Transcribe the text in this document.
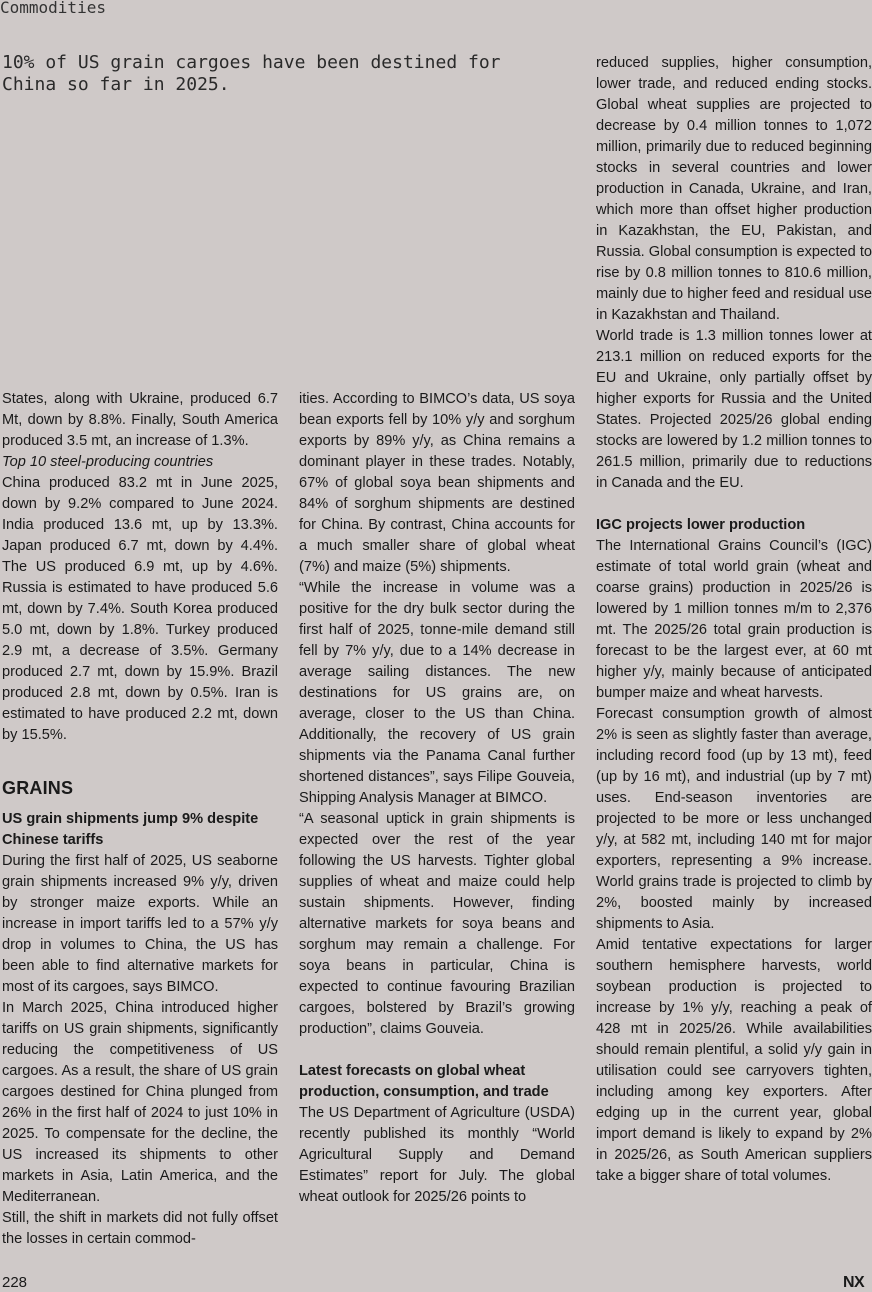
Commodities

10% of US grain cargoes have been destined for China so far in 2025.

States, along with Ukraine, produced 6.7 Mt, down by 8.8%. Finally, South America produced 3.5 mt, an increase of 1.3%.

Top 10 steel-producing countries

China produced 83.2 mt in June 2025, down by 9.2% compared to June 2024. India produced 13.6 mt, up by 13.3%. Japan produced 6.7 mt, down by 4.4%. The US produced 6.9 mt, up by 4.6%. Russia is estimated to have produced 5.6 mt, down by 7.4%. South Korea produced 5.0 mt, down by 1.8%. Turkey produced 2.9 mt, a decrease of 3.5%. Germany produced 2.7 mt, down by 15.9%. Brazil produced 2.8 mt, down by 0.5%. Iran is estimated to have produced 2.2 mt, down by 15.5%.

GRAINS

US grain shipments jump 9% despite Chinese tariffs

During the first half of 2025, US seaborne grain shipments increased 9% y/y, driven by stronger maize exports. While an increase in import tariffs led to a 57% y/y drop in volumes to China, the US has been able to find alternative markets for most of its cargoes, says BIMCO.

In March 2025, China introduced higher tariffs on US grain shipments, significantly reducing the competitiveness of US cargoes. As a result, the share of US grain cargoes destined for China plunged from 26% in the first half of 2024 to just 10% in 2025. To compensate for the decline, the US increased its shipments to other markets in Asia, Latin America, and the Mediterranean.

Still, the shift in markets did not fully offset the losses in certain commod-

ities. According to BIMCO’s data, US soya bean exports fell by 10% y/y and sorghum exports by 89% y/y, as China remains a dominant player in these trades. Notably, 67% of global soya bean shipments and 84% of sorghum shipments are destined for China. By contrast, China accounts for a much smaller share of global wheat (7%) and maize (5%) shipments.

“While the increase in volume was a positive for the dry bulk sector during the first half of 2025, tonne-mile demand still fell by 7% y/y, due to a 14% decrease in average sailing distances. The new destinations for US grains are, on average, closer to the US than China. Additionally, the recovery of US grain shipments via the Panama Canal further shortened distances”, says Filipe Gouveia, Shipping Analysis Manager at BIMCO.

“A seasonal uptick in grain shipments is expected over the rest of the year following the US harvests. Tighter global supplies of wheat and maize could help sustain shipments. However, finding alternative markets for soya beans and sorghum may remain a challenge. For soya beans in particular, China is expected to continue favouring Brazilian cargoes, bolstered by Brazil’s growing production”, claims Gouveia.

Latest forecasts on global wheat production, consumption, and trade

The US Department of Agriculture (USDA) recently published its monthly “World Agricultural Supply and Demand Estimates” report for July. The global wheat outlook for 2025/26 points to

reduced supplies, higher consumption, lower trade, and reduced ending stocks. Global wheat supplies are projected to decrease by 0.4 million tonnes to 1,072 million, primarily due to reduced beginning stocks in several countries and lower production in Canada, Ukraine, and Iran, which more than offset higher production in Kazakhstan, the EU, Pakistan, and Russia. Global consumption is expected to rise by 0.8 million tonnes to 810.6 million, mainly due to higher feed and residual use in Kazakhstan and Thailand.

World trade is 1.3 million tonnes lower at 213.1 million on reduced exports for the EU and Ukraine, only partially offset by higher exports for Russia and the United States. Projected 2025/26 global ending stocks are lowered by 1.2 million tonnes to 261.5 million, primarily due to reductions in Canada and the EU.

IGC projects lower production

The International Grains Council’s (IGC) estimate of total world grain (wheat and coarse grains) production in 2025/26 is lowered by 1 million tonnes m/m to 2,376 mt. The 2025/26 total grain production is forecast to be the largest ever, at 60 mt higher y/y, mainly because of anticipated bumper maize and wheat harvests.

Forecast consumption growth of almost 2% is seen as slightly faster than average, including record food (up by 13 mt), feed (up by 16 mt), and industrial (up by 7 mt) uses. End-season inventories are projected to be more or less unchanged y/y, at 582 mt, including 140 mt for major exporters, representing a 9% increase. World grains trade is projected to climb by 2%, boosted mainly by increased shipments to Asia.

Amid tentative expectations for larger southern hemisphere harvests, world soybean production is projected to increase by 1% y/y, reaching a peak of 428 mt in 2025/26. While availabilities should remain plentiful, a solid y/y gain in utilisation could see carryovers tighten, including among key exporters. After edging up in the current year, global import demand is likely to expand by 2% in 2025/26, as South American suppliers take a bigger share of total volumes.

228	NX
